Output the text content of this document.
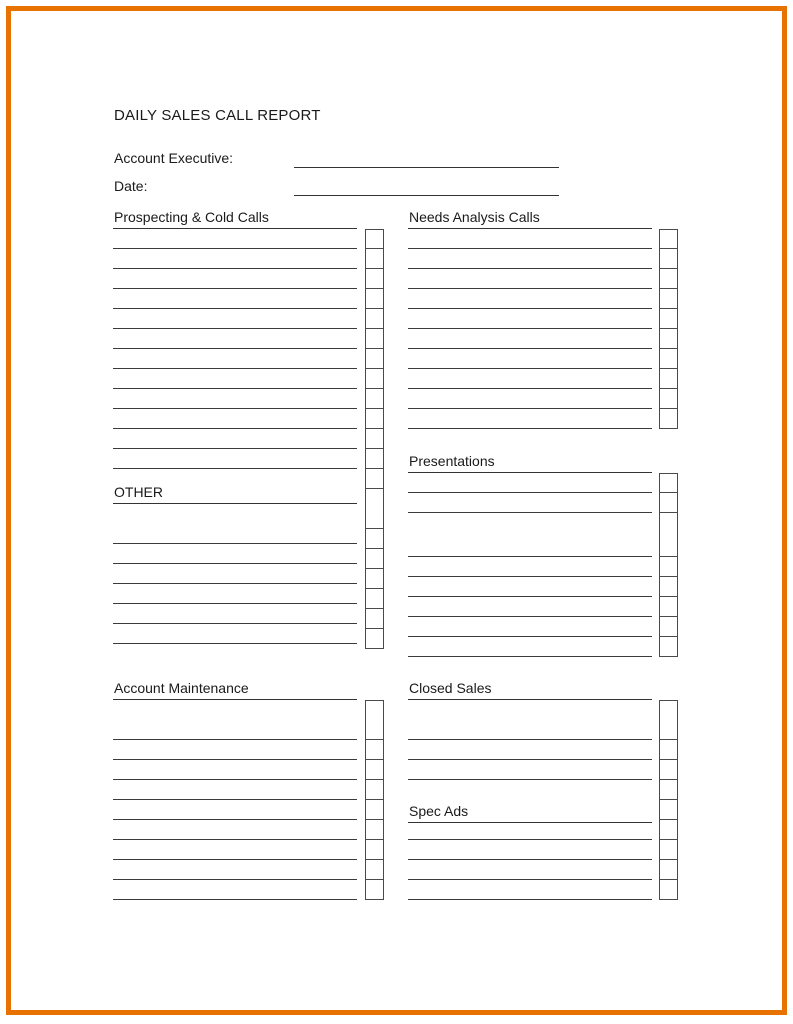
DAILY SALES CALL REPORT
Account Executive:
Date:
Prospecting & Cold Calls
OTHER
Account Maintenance
Needs Analysis Calls
Presentations
Closed Sales
Spec Ads
